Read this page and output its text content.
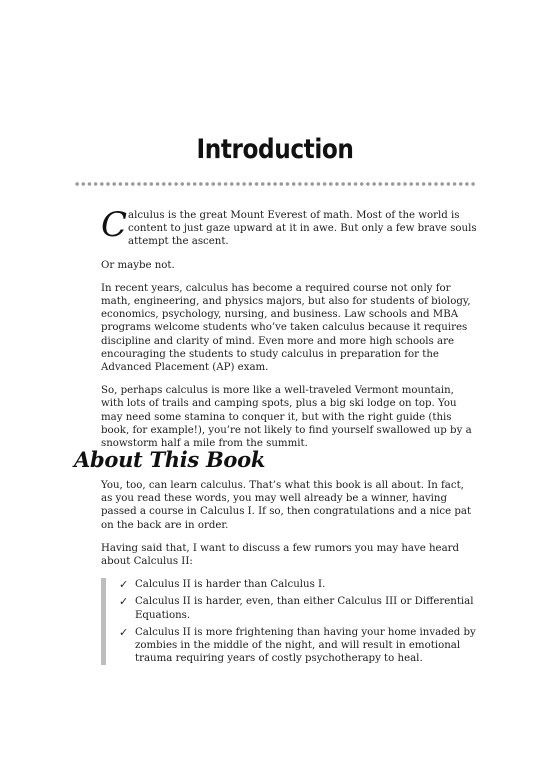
Introduction

Calculus is the great Mount Everest of math. Most of the world is content to just gaze upward at it in awe. But only a few brave souls attempt the ascent.

Or maybe not.

In recent years, calculus has become a required course not only for math, engineering, and physics majors, but also for students of biology, economics, psychology, nursing, and business. Law schools and MBA programs welcome students who’ve taken calculus because it requires discipline and clarity of mind. Even more and more high schools are encouraging the students to study calculus in preparation for the Advanced Placement (AP) exam.

So, perhaps calculus is more like a well-traveled Vermont mountain, with lots of trails and camping spots, plus a big ski lodge on top. You may need some stamina to conquer it, but with the right guide (this book, for example!), you’re not likely to find yourself swallowed up by a snowstorm half a mile from the summit.

About This Book

You, too, can learn calculus. That’s what this book is all about. In fact, as you read these words, you may well already be a winner, having passed a course in Calculus I. If so, then congratulations and a nice pat on the back are in order.

Having said that, I want to discuss a few rumors you may have heard about Calculus II:

✓ Calculus II is harder than Calculus I.
✓ Calculus II is harder, even, than either Calculus III or Differential Equations.
✓ Calculus II is more frightening than having your home invaded by zombies in the middle of the night, and will result in emotional trauma requiring years of costly psychotherapy to heal.
